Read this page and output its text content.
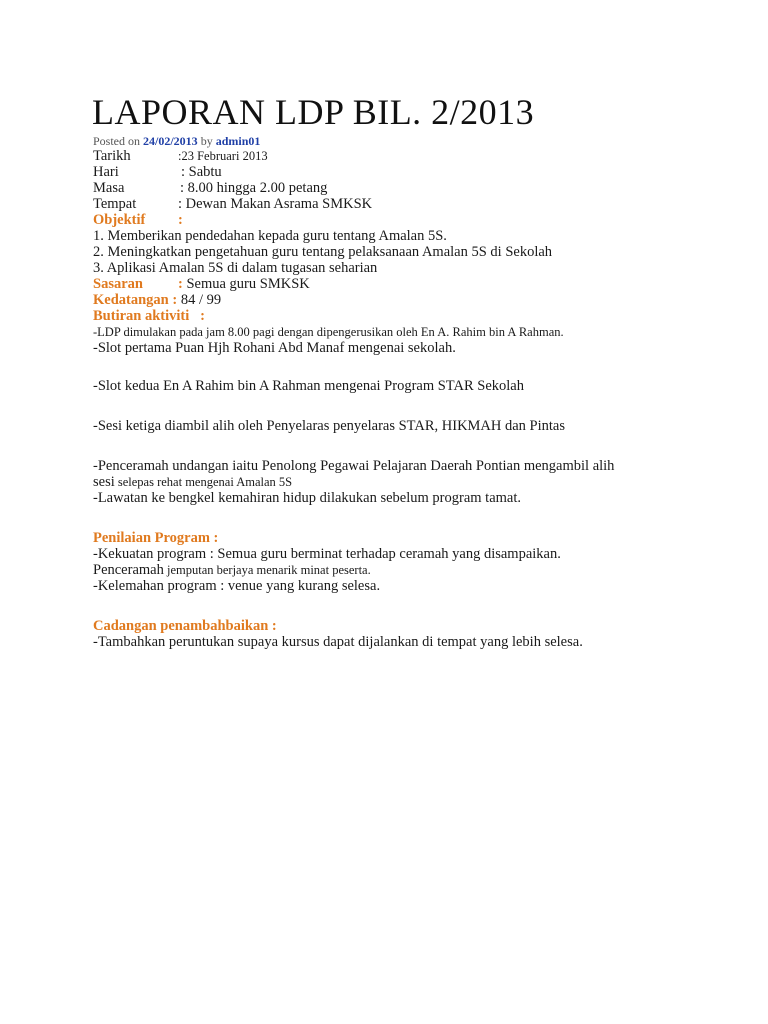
LAPORAN LDP BIL. 2/2013
Posted on 24/02/2013 by admin01
Tarikh	:23 Februari 2013
Hari	: Sabtu
Masa	: 8.00 hingga 2.00 petang
Tempat	: Dewan Makan Asrama SMKSK
Objektif :
1. Memberikan pendedahan kepada guru tentang Amalan 5S.
2. Meningkatkan pengetahuan guru tentang pelaksanaan Amalan 5S di Sekolah
3. Aplikasi Amalan 5S di dalam tugasan seharian
Sasaran : Semua guru SMKSK
Kedatangan : 84 / 99
Butiran aktiviti   :
-LDP dimulakan pada jam 8.00 pagi dengan dipengerusikan oleh En A. Rahim bin A Rahman.
-Slot pertama Puan Hjh Rohani Abd Manaf mengenai sekolah.
-Slot kedua En A Rahim bin A Rahman mengenai Program STAR Sekolah
-Sesi ketiga diambil alih oleh Penyelaras penyelaras STAR, HIKMAH dan Pintas
-Penceramah undangan iaitu Penolong Pegawai Pelajaran Daerah Pontian mengambil alih
sesi selepas rehat mengenai Amalan 5S
-Lawatan ke bengkel kemahiran hidup dilakukan sebelum program tamat.
Penilaian Program :
-Kekuatan program : Semua guru berminat terhadap ceramah yang disampaikan.
Penceramah jemputan berjaya menarik minat peserta.
-Kelemahan program : venue yang kurang selesa.
Cadangan penambahbaikan :
-Tambahkan peruntukan supaya kursus dapat dijalankan di tempat yang lebih selesa.
